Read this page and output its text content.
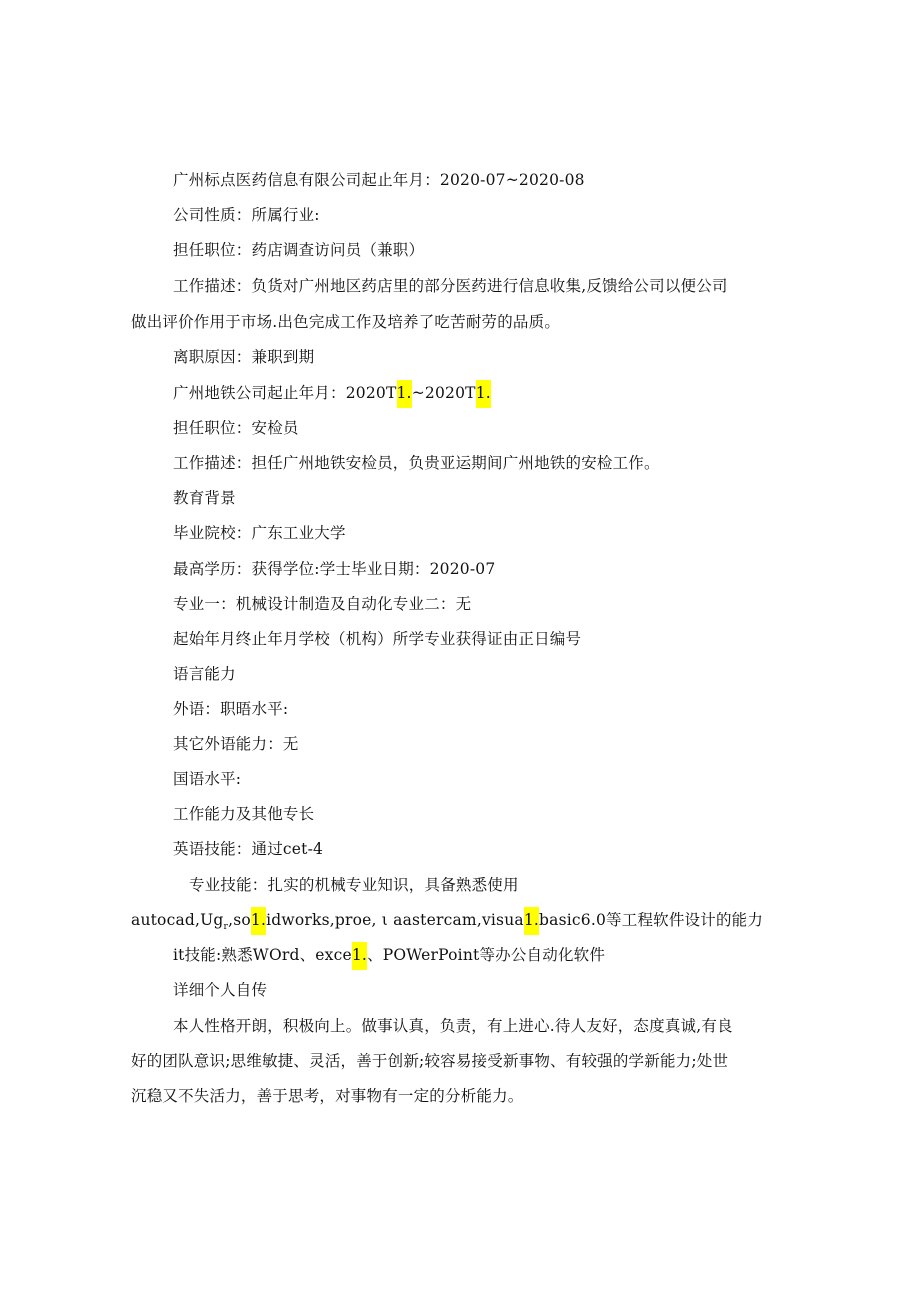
广州标点医药信息有限公司起止年月：2020-07~2020-08
公司性质：所属行业:
担任职位：药店调查访问员（兼职）
工作描述：负货对广州地区药店里的部分医药进行信息收集,反馈给公司以便公司
做出评价作用于市场.出色完成工作及培养了吃苦耐劳的品质。
离职原因：兼职到期
广州地铁公司起止年月：2020T1.~2020T1.
担任职位：安检员
工作描述：担任广州地铁安检员，负贵亚运期间广州地铁的安检工作。
教育背景
毕业院校：广东工业大学
最高学历：获得学位:学士毕业日期：2020-07
专业一：机械设计制造及自动化专业二：无
起始年月终止年月学校（机构）所学专业获得证由正日编号
语言能力
外语：职晤水平:
其它外语能力：无
国语水平:
工作能力及其他专长
英语技能：通过cet-4
专业技能：扎实的机械专业知识，具备熟悉使用
$autocad,Ug_r,so1.idworks,proe$, ι aastercam,visua1.basic6.0等工程软件设计的能力
it技能:熟悉WOrd、exce1.、POWerPoint等办公自动化软件
详细个人自传
本人性格开朗，积极向上。做事认真，负责，有上进心.待人友好，态度真诚,有良
好的团队意识;思维敏捷、灵活，善于创新;较容易接受新事物、有较强的学新能力;处世
沉稳又不失活力，善于思考，对事物有一定的分析能力。
